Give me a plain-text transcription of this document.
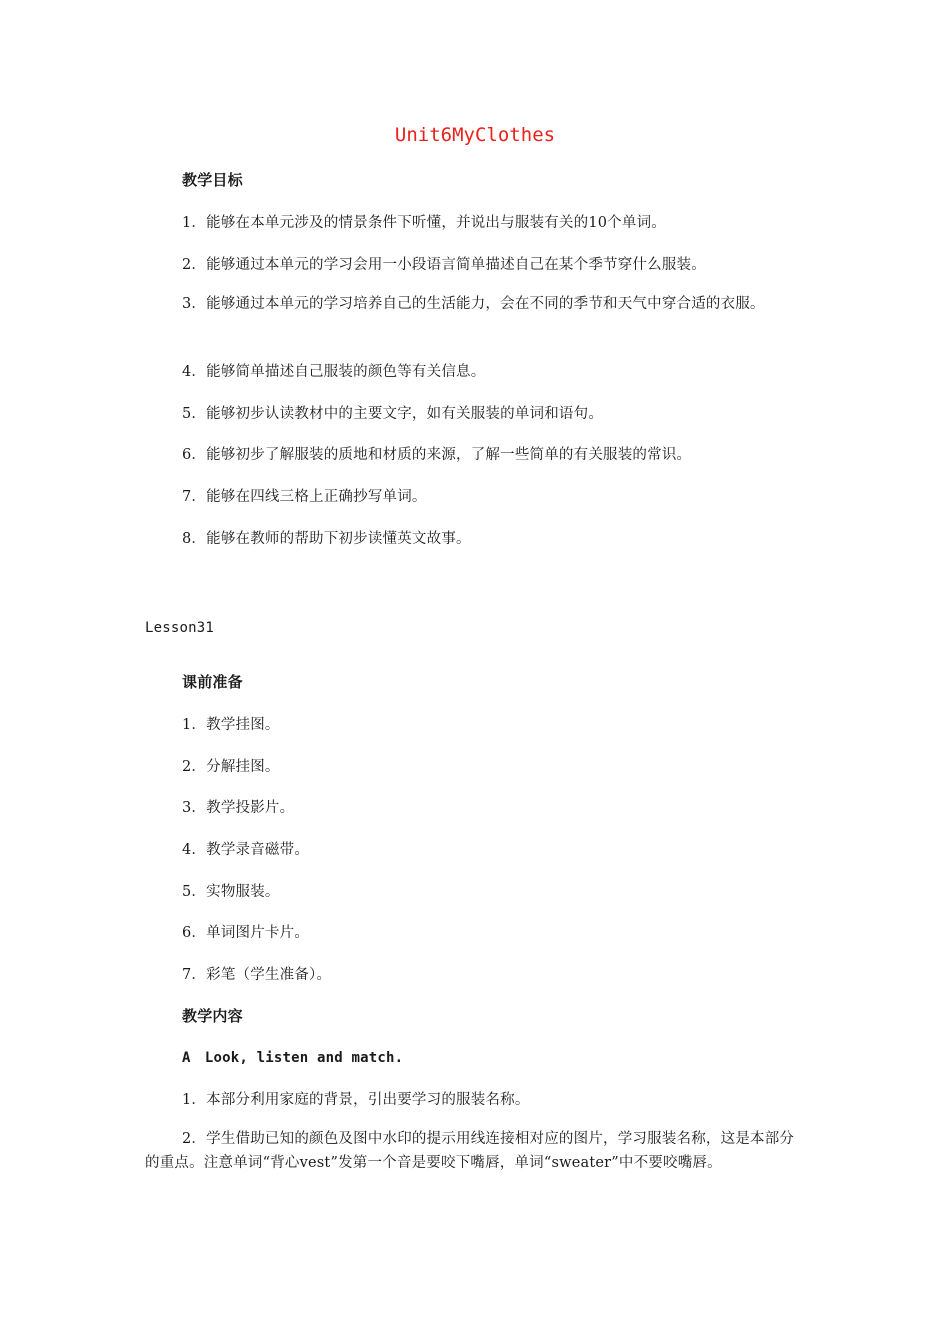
Unit6MyClothes
教学目标
1．能够在本单元涉及的情景条件下听懂，并说出与服装有关的10个单词。
2．能够通过本单元的学习会用一小段语言简单描述自己在某个季节穿什么服装。
3．能够通过本单元的学习培养自己的生活能力，会在不同的季节和天气中穿合适的衣服。
4．能够简单描述自己服装的颜色等有关信息。
5．能够初步认读教材中的主要文字，如有关服装的单词和语句。
6．能够初步了解服装的质地和材质的来源，了解一些简单的有关服装的常识。
7．能够在四线三格上正确抄写单词。
8．能够在教师的帮助下初步读懂英文故事。
Lesson31
课前准备
1．教学挂图。
2．分解挂图。
3．教学投影片。
4．教学录音磁带。
5．实物服装。
6．单词图片卡片。
7．彩笔（学生准备）。
教学内容
A　Look, listen and match.
1．本部分利用家庭的背景，引出要学习的服装名称。
2．学生借助已知的颜色及图中水印的提示用线连接相对应的图片，学习服装名称，这是本部分的重点。注意单词“背心vest”发第一个音是要咬下嘴唇，单词“sweater”中不要咬嘴唇。
